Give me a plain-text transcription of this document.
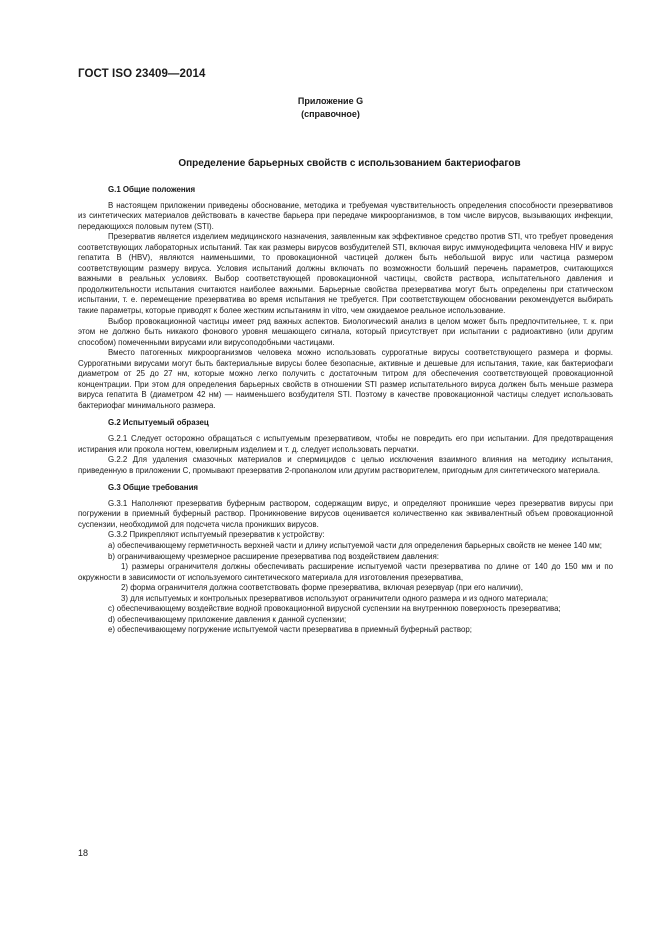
ГОСТ ISO 23409—2014
Приложение G
(справочное)
Определение барьерных свойств с использованием бактериофагов

G.1 Общие положения

В настоящем приложении приведены обоснование, методика и требуемая чувствительность определения способности презервативов из синтетических материалов действовать в качестве барьера при передаче микроорганизмов, в том числе вирусов, вызывающих инфекции, передающихся половым путем (STI).

Презерватив является изделием медицинского назначения, заявленным как эффективное средство против STI, что требует проведения соответствующих лабораторных испытаний. Так как размеры вирусов возбудителей STI, включая вирус иммунодефицита человека HIV и вирус гепатита B (HBV), являются наименьшими, то провокационной частицей должен быть небольшой вирус или частица размером соответствующим размеру вируса. Условия испытаний должны включать по возможности больший перечень параметров, считающихся важными в реальных условиях. Выбор соответствующей провокационной частицы, свойств раствора, испытательного давления и продолжительности испытания считаются наиболее важными. Барьерные свойства презерватива могут быть определены при статическом испытании, т. е. перемещение презерватива во время испытания не требуется. При соответствующем обосновании рекомендуется выбирать такие параметры, которые приводят к более жестким испытаниям in vitro, чем ожидаемое реальное использование.

Выбор провокационной частицы имеет ряд важных аспектов. Биологический анализ в целом может быть предпочтительнее, т. к. при этом не должно быть никакого фонового уровня мешающего сигнала, который присутствует при испытании с радиоактивно (или другим способом) помеченными вирусами или вирусоподобными частицами.

Вместо патогенных микроорганизмов человека можно использовать суррогатные вирусы соответствующего размера и формы. Суррогатными вирусами могут быть бактериальные вирусы более безопасные, активные и дешевые для испытания, такие, как бактериофаги диаметром от 25 до 27 нм, которые можно легко получить с достаточным титром для обеспечения соответствующей провокационной концентрации. При этом для определения барьерных свойств в отношении STI размер испытательного вируса должен быть меньше размера вируса гепатита B (диаметром 42 нм) — наименьшего возбудителя STI. Поэтому в качестве провокационной частицы следует использовать бактериофаг минимального размера.

G.2 Испытуемый образец

G.2.1 Следует осторожно обращаться с испытуемым презервативом, чтобы не повредить его при испытании. Для предотвращения истирания или прокола ногтем, ювелирным изделием и т. д. следует использовать перчатки.

G.2.2 Для удаления смазочных материалов и спермицидов с целью исключения взаимного влияния на методику испытания, приведенную в приложении C, промывают презерватив 2-пропанолом или другим растворителем, пригодным для синтетического материала.

G.3 Общие требования

G.3.1 Наполняют презерватив буферным раствором, содержащим вирус, и определяют проникшие через презерватив вирусы при погружении в приемный буферный раствор. Проникновение вирусов оценивается количественно как эквивалентный объем провокационной суспензии, необходимой для подсчета числа проникших вирусов.

G.3.2 Прикрепляют испытуемый презерватив к устройству:

a) обеспечивающему герметичность верхней части и длину испытуемой части для определения барьерных свойств не менее 140 мм;

b) ограничивающему чрезмерное расширение презерватива под воздействием давления:

1) размеры ограничителя должны обеспечивать расширение испытуемой части презерватива по длине от 140 до 150 мм и по окружности в зависимости от используемого синтетического материала для изготовления презерватива,

2) форма ограничителя должна соответствовать форме презерватива, включая резервуар (при его наличии),

3) для испытуемых и контрольных презервативов используют ограничители одного размера и из одного материала;

c) обеспечивающему воздействие водной провокационной вирусной суспензии на внутреннюю поверхность презерватива;

d) обеспечивающему приложение давления к данной суспензии;

e) обеспечивающему погружение испытуемой части презерватива в приемный буферный раствор;

18
